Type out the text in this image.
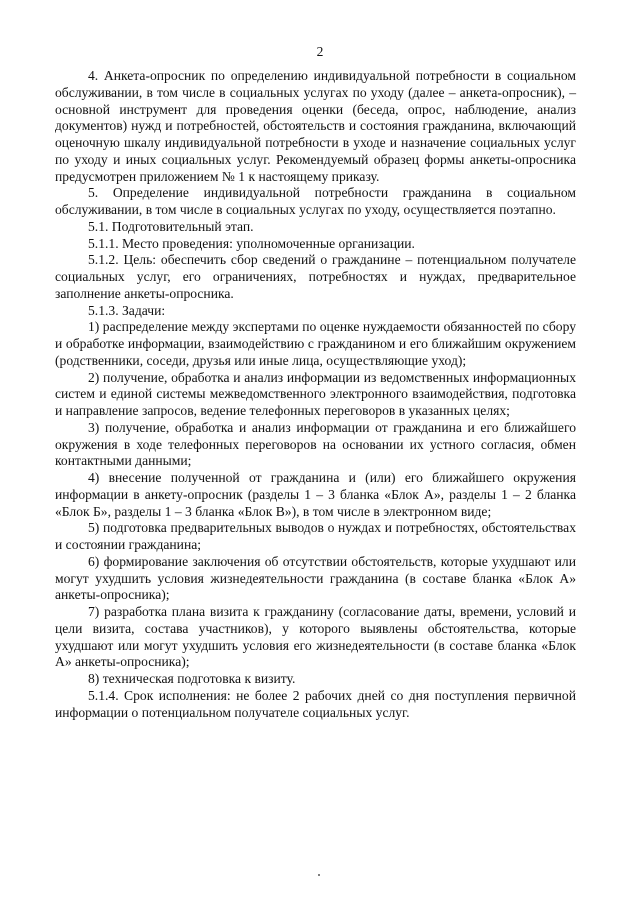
2

4. Анкета-опросник по определению индивидуальной потребности в социальном обслуживании, в том числе в социальных услугах по уходу (далее – анкета-опросник), – основной инструмент для проведения оценки (беседа, опрос, наблюдение, анализ документов) нужд и потребностей, обстоятельств и состояния гражданина, включающий оценочную шкалу индивидуальной потребности в уходе и назначение социальных услуг по уходу и иных социальных услуг. Рекомендуемый образец формы анкеты-опросника предусмотрен приложением № 1 к настоящему приказу.

5. Определение индивидуальной потребности гражданина в социальном обслуживании, в том числе в социальных услугах по уходу, осуществляется поэтапно.

5.1. Подготовительный этап.

5.1.1. Место проведения: уполномоченные организации.

5.1.2. Цель: обеспечить сбор сведений о гражданине – потенциальном получателе социальных услуг, его ограничениях, потребностях и нуждах, предварительное заполнение анкеты-опросника.

5.1.3. Задачи:

1) распределение между экспертами по оценке нуждаемости обязанностей по сбору и обработке информации, взаимодействию с гражданином и его ближайшим окружением (родственники, соседи, друзья или иные лица, осуществляющие уход);

2) получение, обработка и анализ информации из ведомственных информационных систем и единой системы межведомственного электронного взаимодействия, подготовка и направление запросов, ведение телефонных переговоров в указанных целях;

3) получение, обработка и анализ информации от гражданина и его ближайшего окружения в ходе телефонных переговоров на основании их устного согласия, обмен контактными данными;

4) внесение полученной от гражданина и (или) его ближайшего окружения информации в анкету-опросник (разделы 1 – 3 бланка «Блок А», разделы 1 – 2 бланка «Блок Б», разделы 1 – 3 бланка «Блок В»), в том числе в электронном виде;

5) подготовка предварительных выводов о нуждах и потребностях, обстоятельствах и состоянии гражданина;

6) формирование заключения об отсутствии обстоятельств, которые ухудшают или могут ухудшить условия жизнедеятельности гражданина (в составе бланка «Блок А» анкеты-опросника);

7) разработка плана визита к гражданину (согласование даты, времени, условий и цели визита, состава участников), у которого выявлены обстоятельства, которые ухудшают или могут ухудшить условия его жизнедеятельности (в составе бланка «Блок А» анкеты-опросника);

8) техническая подготовка к визиту.

5.1.4. Срок исполнения: не более 2 рабочих дней со дня поступления первичной информации о потенциальном получателе социальных услуг.
